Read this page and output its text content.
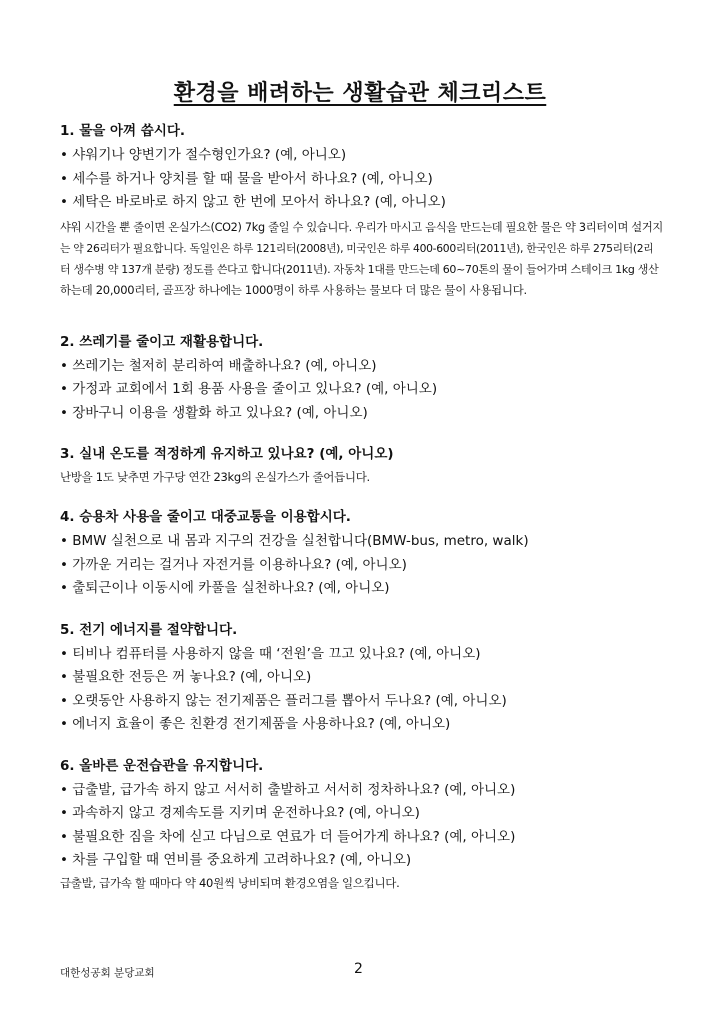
환경을 배려하는 생활습관 체크리스트

1. 물을 아껴 씁시다.

• 샤워기나 양변기가 절수형인가요? (예, 아니오)

• 세수를 하거나 양치를 할 때 물을 받아서 하나요? (예, 아니오)

• 세탁은 바로바로 하지 않고 한 번에 모아서 하나요? (예, 아니오)

샤워 시간을 뿐 줄이면 온실가스(CO2) 7kg 줄일 수 있습니다. 우리가 마시고 음식을 만드는데 필요한 물은 약 3리터이며 설거지

는 약 26리터가 필요합니다. 독일인은 하루 121리터(2008년), 미국인은 하루 400-600리터(2011년), 한국인은 하루 275리터(2리

터 생수병 약 137개 분량) 정도를 쓴다고 합니다(2011년). 자동차 1대를 만드는데 60~70톤의 물이 들어가며 스테이크 1kg 생산

하는데 20,000리터, 골프장 하나에는 1000명이 하루 사용하는 물보다 더 많은 물이 사용됩니다.

2. 쓰레기를 줄이고 재활용합니다.

• 쓰레기는 철저히 분리하여 배출하나요? (예, 아니오)

• 가정과 교회에서 1회 용품 사용을 줄이고 있나요? (예, 아니오)

• 장바구니 이용을 생활화 하고 있나요? (예, 아니오)

3. 실내 온도를 적정하게 유지하고 있나요? (예, 아니오)

난방을 1도 낮추면 가구당 연간 23kg의 온실가스가 줄어듭니다.

4. 승용차 사용을 줄이고 대중교통을 이용합시다.

• BMW 실천으로 내 몸과 지구의 건강을 실천합니다(BMW-bus, metro, walk)

• 가까운 거리는 걸거나 자전거를 이용하나요? (예, 아니오)

• 출퇴근이나 이동시에 카풀을 실천하나요? (예, 아니오)

5. 전기 에너지를 절약합니다.

• 티비나 컴퓨터를 사용하지 않을 때 ‘전원’을 끄고 있나요? (예, 아니오)

• 불필요한 전등은 꺼 놓나요? (예, 아니오)

• 오랫동안 사용하지 않는 전기제품은 플러그를 뽑아서 두나요? (예, 아니오)

• 에너지 효율이 좋은 친환경 전기제품을 사용하나요? (예, 아니오)

6. 올바른 운전습관을 유지합니다.

• 급출발, 급가속 하지 않고 서서히 출발하고 서서히 정차하나요? (예, 아니오)

• 과속하지 않고 경제속도를 지키며 운전하나요? (예, 아니오)

• 불필요한 짐을 차에 싣고 다님으로 연료가 더 들어가게 하나요? (예, 아니오)

• 차를 구입할 때 연비를 중요하게 고려하나요? (예, 아니오)

급출발, 급가속 할 때마다 약 40원씩 낭비되며 환경오염을 일으킵니다.

대한성공회 분당교회	2
